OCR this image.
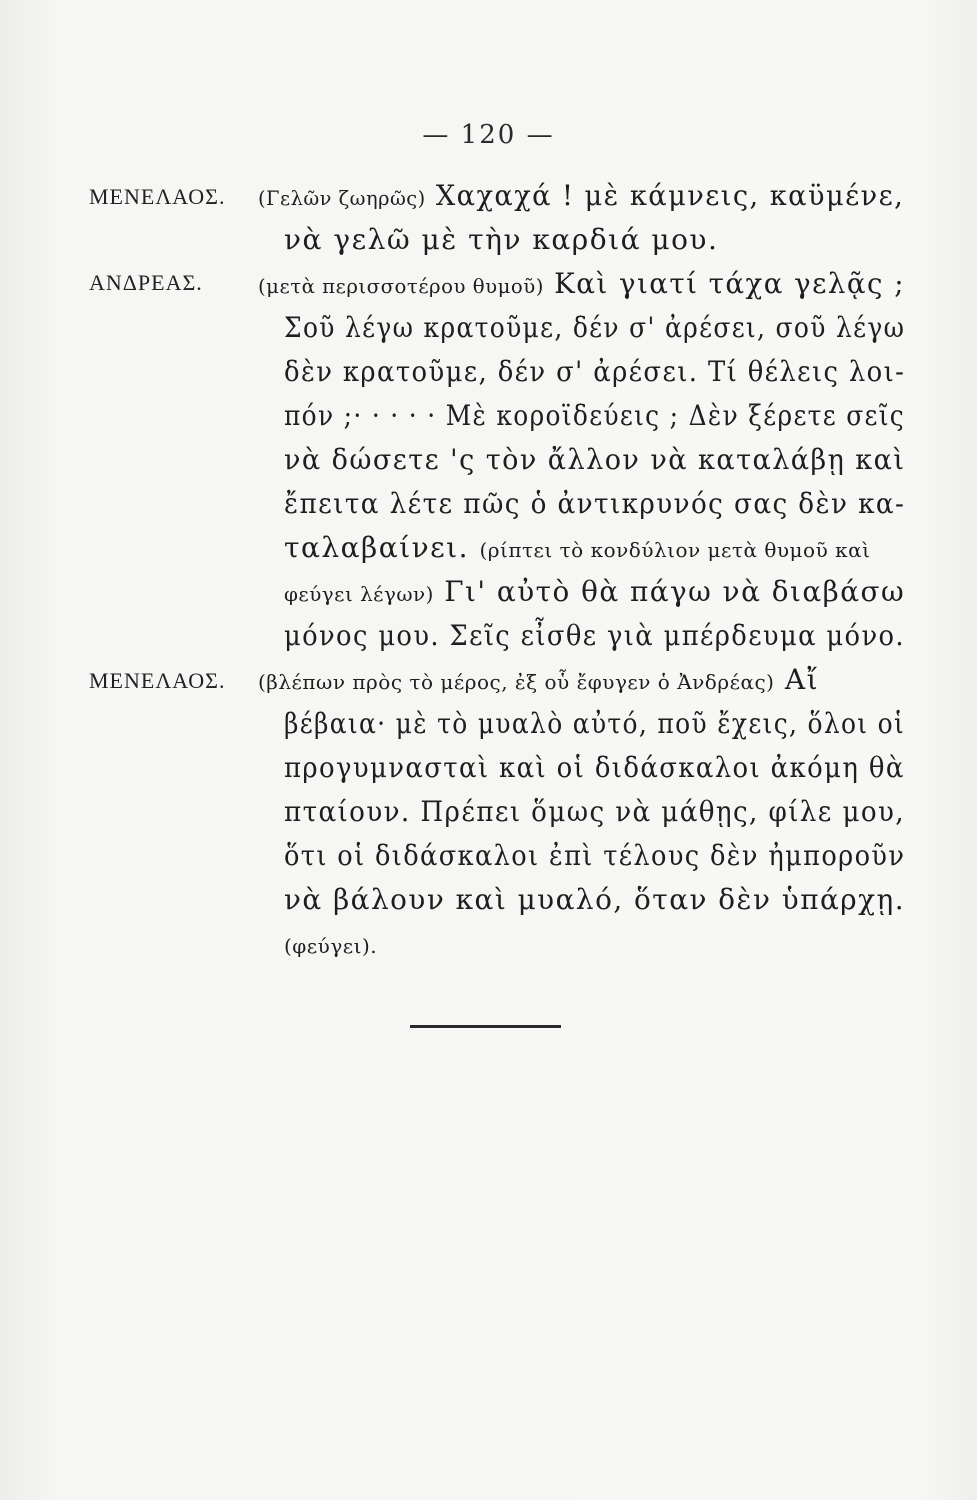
— 120 —
ΜΕΝΕΛΑΟΣ. (Γελῶν ζωηρῶς) Χαχαχά ! μὲ κάμνεις, καϋμένε,
νὰ γελῶ μὲ τὴν καρδιά μου.
ΑΝΔΡΕΑΣ.	(μετὰ περισσοτέρου θυμοῦ) Καὶ γιατί τάχα γελᾷς ;
Σοῦ λέγω κρατοῦμε, δέν σ' ἀρέσει, σοῦ λέγω
δὲν κρατοῦμε, δέν σ' ἀρέσει. Τί θέλεις λοι-
πόν ;· · · · · Μὲ κοροϊδεύεις ; Δὲν ξέρετε σεῖς
νὰ δώσετε 'ς τὸν ἄλλον νὰ καταλάβῃ καὶ
ἔπειτα λέτε πῶς ὁ ἀντικρυνός σας δὲν κα-
ταλαβαίνει. (ρίπτει τὸ κονδύλιον μετὰ θυμοῦ καὶ
φεύγει λέγων) Γι' αὐτὸ θὰ πάγω νὰ διαβάσω
μόνος μου. Σεῖς εἶσθε γιὰ μπέρδευμα μόνο.
ΜΕΝΕΛΑΟΣ. (βλέπων πρὸς τὸ μέρος, ἐξ οὗ ἔφυγεν ὁ Ἀνδρέας) Αἴ
βέβαια· μὲ τὸ μυαλὸ αὐτό, ποῦ ἔχεις, ὅλοι οἱ
προγυμνασταὶ καὶ οἱ διδάσκαλοι ἀκόμη θὰ
πταίουν. Πρέπει ὅμως νὰ μάθῃς, φίλε μου,
ὅτι οἱ διδάσκαλοι ἐπὶ τέλους δὲν ἠμποροῦν
νὰ βάλουν καὶ μυαλό, ὅταν δὲν ὑπάρχῃ.
(φεύγει).
